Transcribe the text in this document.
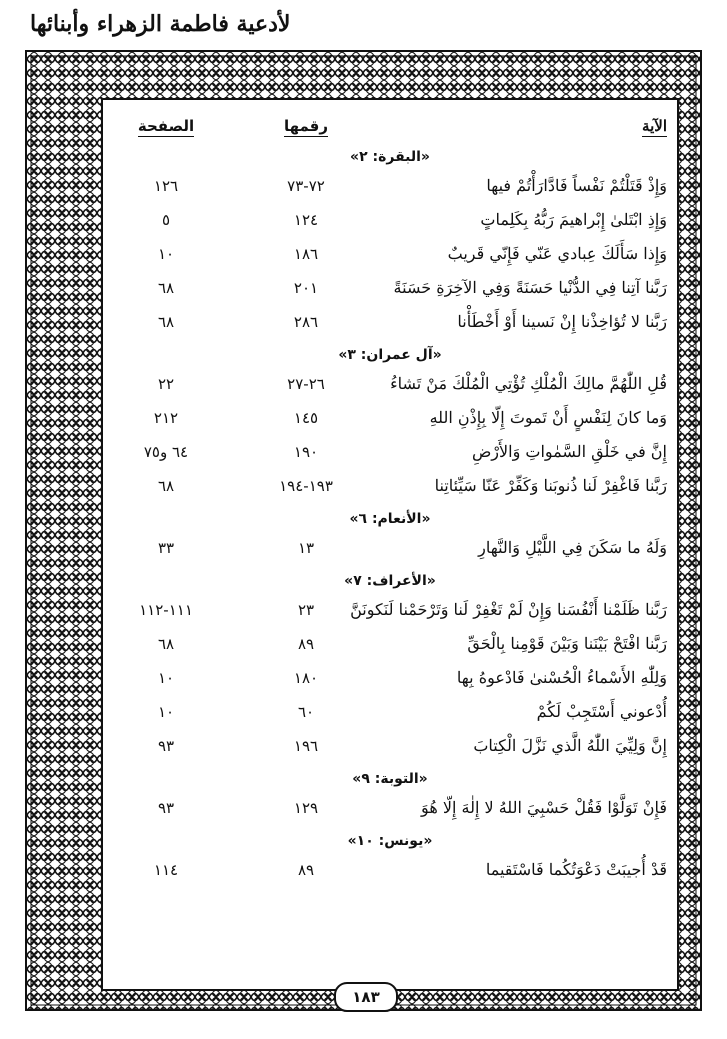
لأدعية فاطمة الزهراء وأبنائها
الآية
رقمها
الصفحة
«البقرة: ٢»
وَإِذْ قَتَلْتُمْ نَفْساً فَادَّارَأْتُمْ فيها
٧٢-٧٣
١٢٦
وَإِذِ ابْتَلىٰ إِبْراهيمَ رَبُّهُ بِكَلِماتٍ
١٢٤
٥
وَإِذا سَأَلَكَ عِبادي عَنّي فَإِنّي قَريبٌ
١٨٦
١٠
رَبَّنا آتِنا فِي الدُّنْيا حَسَنَةً وَفِي الآخِرَةِ حَسَنَةً
٢٠١
٦٨
رَبَّنا لا تُؤاخِذْنا إِنْ نَسينا أَوْ أَخْطَأْنا
٢٨٦
٦٨
«آل عمران: ٣»
قُلِ اللّٰهُمَّ مالِكَ الْمُلْكِ تُؤْتِي الْمُلْكَ مَنْ تَشاءُ
٢٦-٢٧
٢٢
وَما كانَ لِنَفْسٍ أَنْ تَموتَ إِلّا بِإِذْنِ اللهِ
١٤٥
٢١٢
إِنَّ في خَلْقِ السَّمٰواتِ وَالأَرْضِ
١٩٠
٦٤ و٧٥
رَبَّنا فَاغْفِرْ لَنا ذُنوبَنا وَكَفِّرْ عَنّا سَيِّئاتِنا
١٩٣-١٩٤
٦٨
«الأنعام: ٦»
وَلَهُ ما سَكَنَ فِي اللَّيْلِ وَالنَّهارِ
١٣
٣٣
«الأعراف: ٧»
رَبَّنا ظَلَمْنا أَنْفُسَنا وَإِنْ لَمْ تَغْفِرْ لَنا وَتَرْحَمْنا لَنَكونَنَّ
٢٣
١١١-١١٢
رَبَّنا افْتَحْ بَيْنَنا وَبَيْنَ قَوْمِنا بِالْحَقِّ
٨٩
٦٨
وَلِلّٰهِ الأَسْماءُ الْحُسْنىٰ فَادْعوهُ بِها
١٨٠
١٠
أُدْعوني أَسْتَجِبْ لَكُمْ
٦٠
١٠
إِنَّ وَلِيِّيَ اللّٰهُ الَّذي نَزَّلَ الْكِتابَ
١٩٦
٩٣
«التوبة: ٩»
فَإِنْ تَوَلَّوْا فَقُلْ حَسْبِيَ اللهُ لا إِلٰهَ إِلّا هُوَ
١٢٩
٩٣
«يونس: ١٠»
قَدْ أُجيبَتْ دَعْوَتُكُما فَاسْتَقيما
٨٩
١١٤
١٨٣
